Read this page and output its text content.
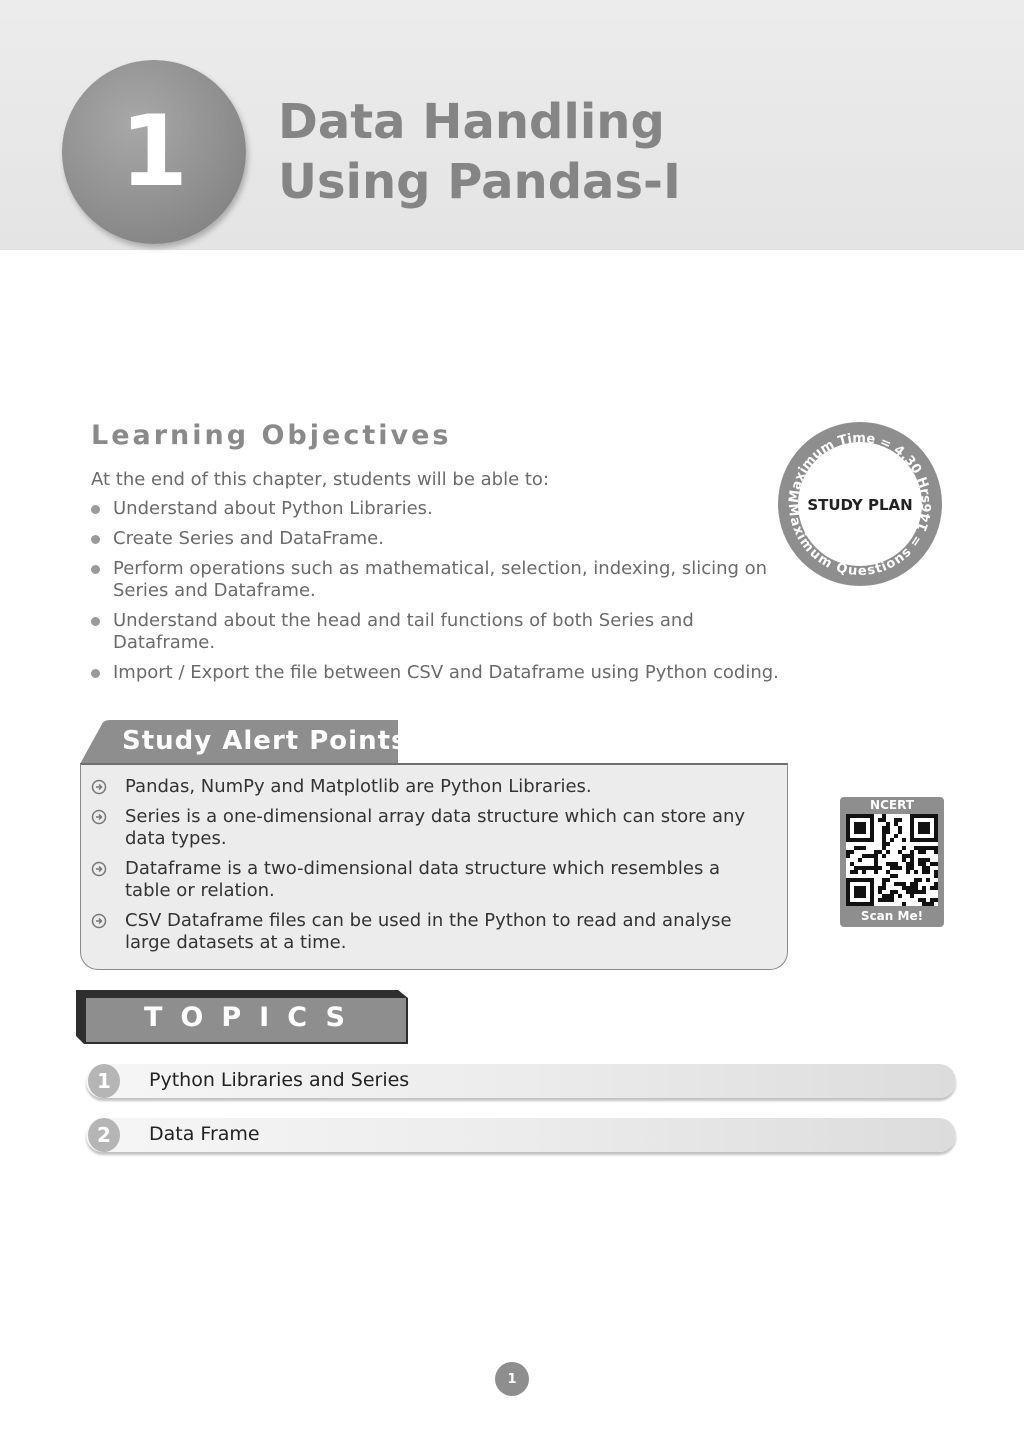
1 Data Handling
Using Pandas-I
Learning Objectives
At the end of this chapter, students will be able to:
Understand about Python Libraries.
Create Series and DataFrame.
Perform operations such as mathematical, selection, indexing, slicing on Series and Dataframe.
Understand about the head and tail functions of both Series and Dataframe.
Import / Export the file between CSV and Dataframe using Python coding.
Maximum Time = 4.30 Hrs
Maximum Questions = 146
STUDY PLAN
Study Alert Points
Pandas, NumPy and Matplotlib are Python Libraries.
Series is a one-dimensional array data structure which can store any data types.
Dataframe is a two-dimensional data structure which resembles a table or relation.
CSV Dataframe files can be used in the Python to read and analyse large datasets at a time.
NCERT
Scan Me!
TOPICS
1	Python Libraries and Series
2	Data Frame
1
